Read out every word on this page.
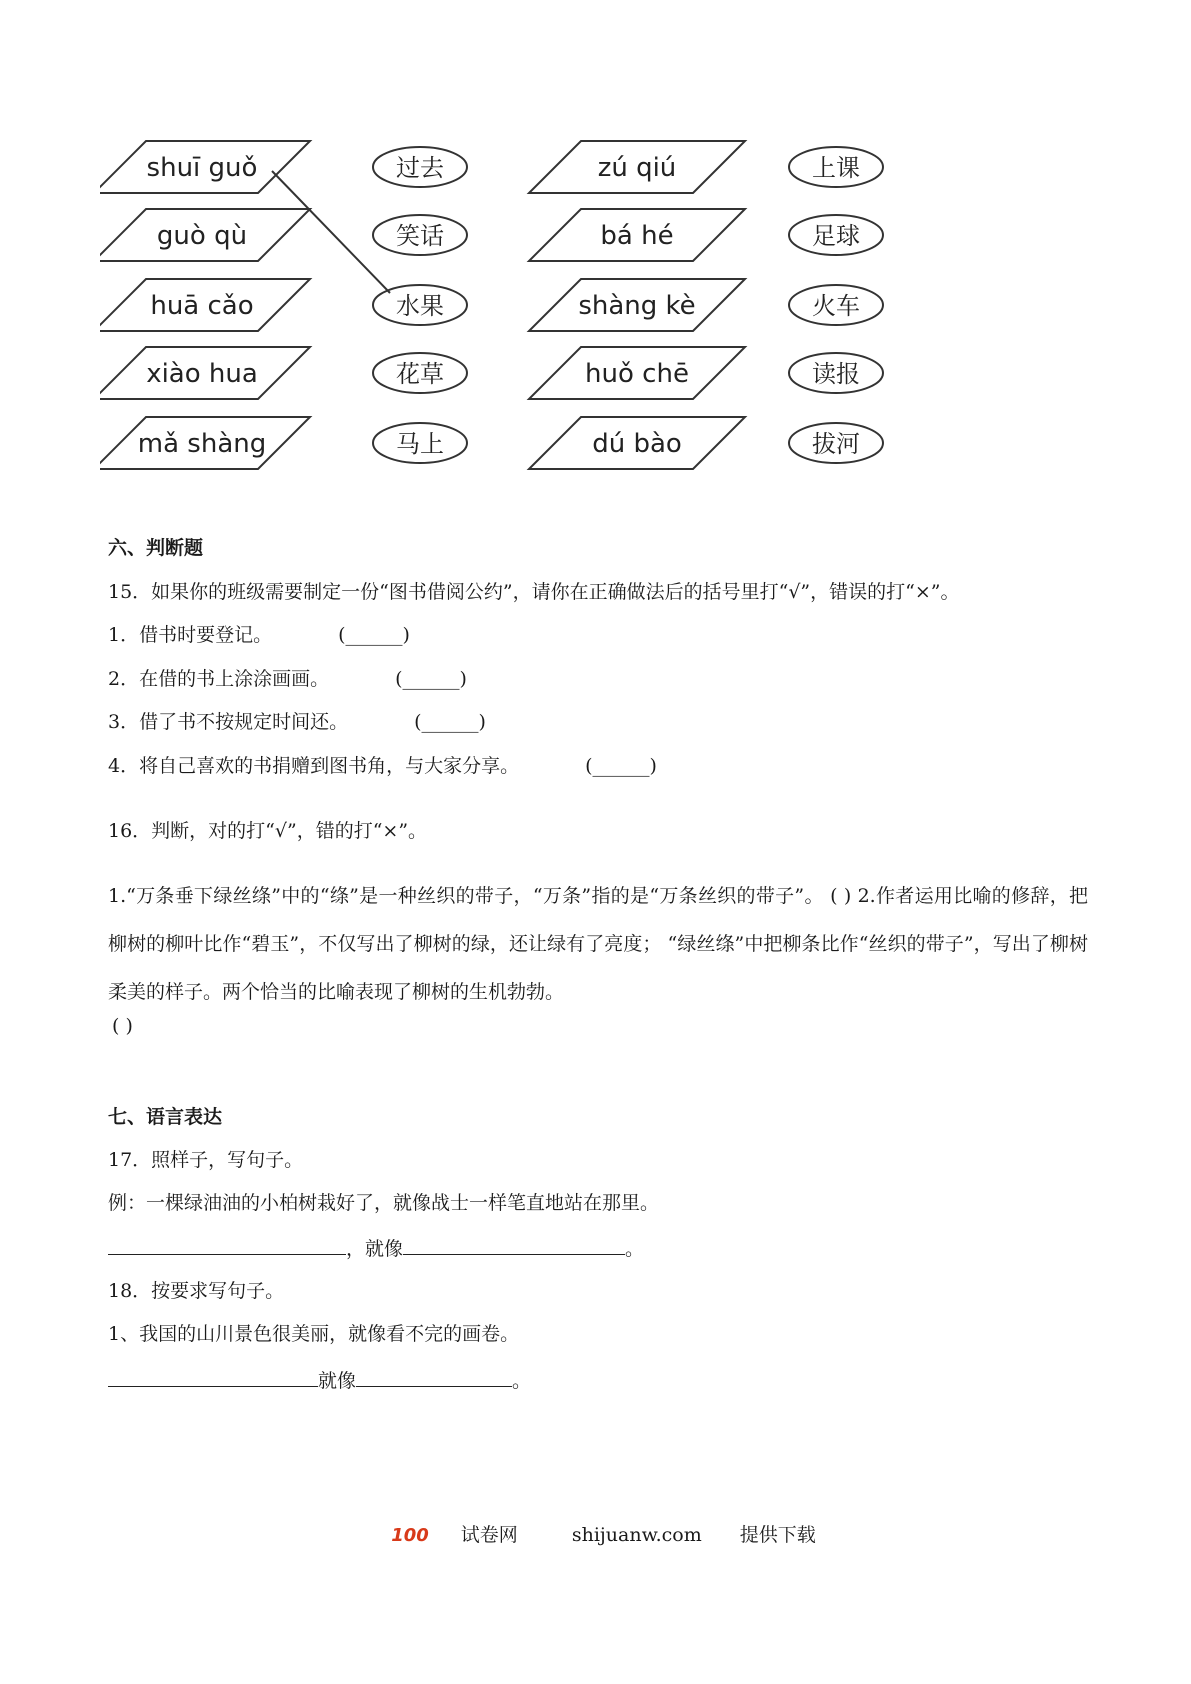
shuī guǒ	过去	zú qiú	上课
guò qù	笑话	bá hé	足球
huā cǎo	水果	shàng kè	火车
xiào hua	花草	huǒ chē	读报
mǎ shàng	马上	dú bào	拔河
六、判断题
15．如果你的班级需要制定一份“图书借阅公约”，请你在正确做法后的括号里打“√”，错误的打“×”。
1．借书时要登记。	(______)
2．在借的书上涂涂画画。	(______)
3．借了书不按规定时间还。	(______)
4．将自己喜欢的书捐赠到图书角，与大家分享。	(______)
16．判断，对的打“√”，错的打“×”。
1.“万条垂下绿丝绦”中的“绦”是一种丝织的带子，“万条”指的是“万条丝织的带子”。 ( ) 2.作者运用比喻的修辞，把柳树的柳叶比作“碧玉”，不仅写出了柳树的绿，还让绿有了亮度； “绿丝绦”中把柳条比作“丝织的带子”，写出了柳树柔美的样子。两个恰当的比喻表现了柳树的生机勃勃。
( )
七、语言表达
17．照样子，写句子。
例：一棵绿油油的小柏树栽好了，就像战士一样笔直地站在那里。
，就像	。
18．按要求写句子。
1、我国的山川景色很美丽，就像看不完的画卷。
就像	。
100 试卷网	shijuanw.com 提供下载
